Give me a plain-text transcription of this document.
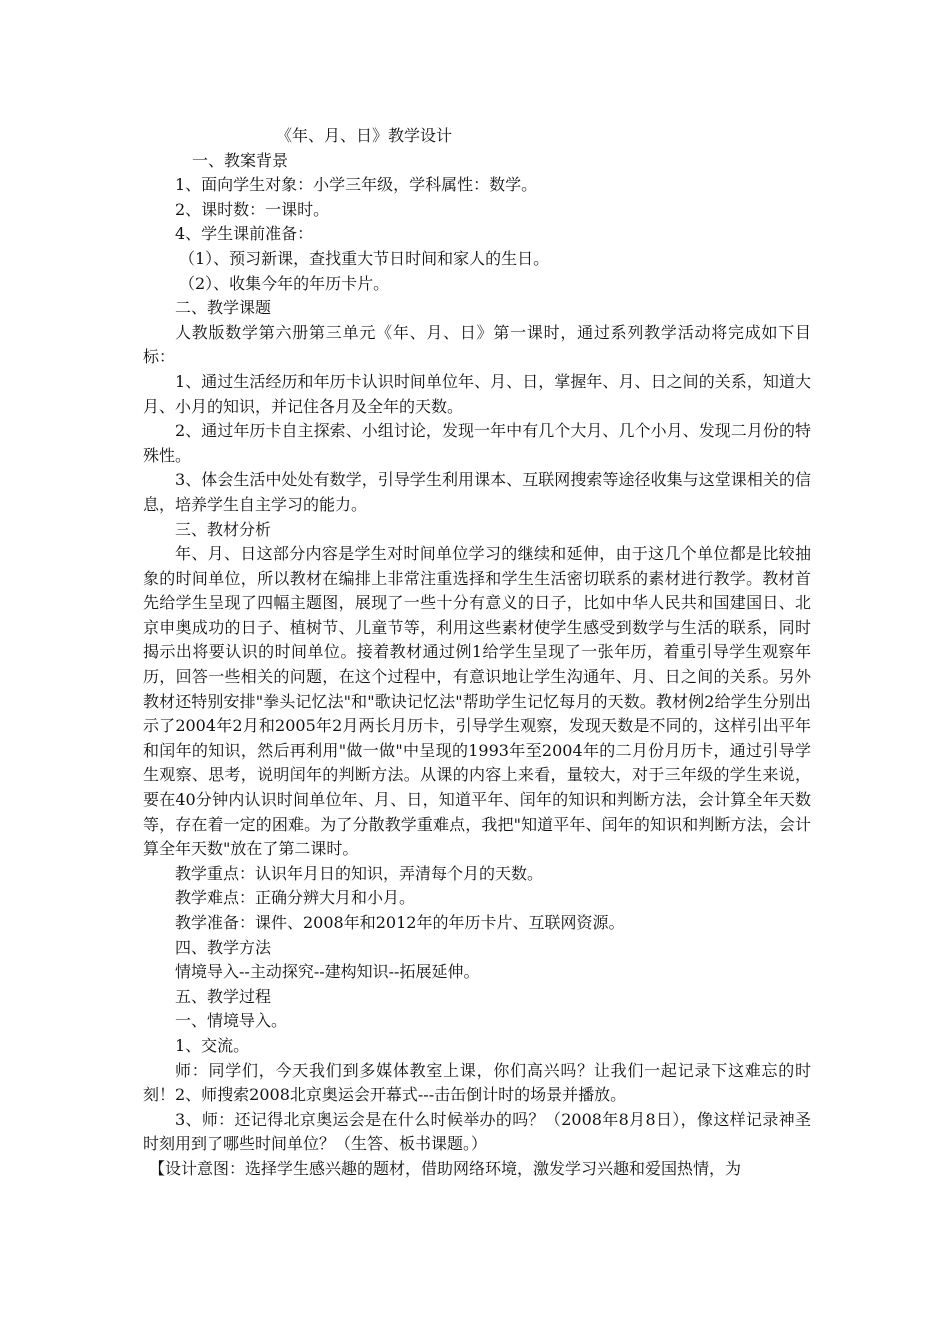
《年、月、日》教学设计
一、教案背景
1、面向学生对象：小学三年级，学科属性：数学。
2、课时数：一课时。
4、学生课前准备：
（1）、预习新课，查找重大节日时间和家人的生日。
（2）、收集今年的年历卡片。
二、教学课题

人教版数学第六册第三单元《年、月、日》第一课时，通过系列教学活动将完成如下目标：

1、通过生活经历和年历卡认识时间单位年、月、日，掌握年、月、日之间的关系，知道大月、小月的知识，并记住各月及全年的天数。

2、通过年历卡自主探索、小组讨论，发现一年中有几个大月、几个小月、发现二月份的特殊性。

3、体会生活中处处有数学，引导学生利用课本、互联网搜索等途径收集与这堂课相关的信息，培养学生自主学习的能力。

三、教材分析

年、月、日这部分内容是学生对时间单位学习的继续和延伸，由于这几个单位都是比较抽象的时间单位，所以教材在编排上非常注重选择和学生生活密切联系的素材进行教学。教材首先给学生呈现了四幅主题图，展现了一些十分有意义的日子，比如中华人民共和国建国日、北京申奥成功的日子、植树节、儿童节等，利用这些素材使学生感受到数学与生活的联系，同时揭示出将要认识的时间单位。接着教材通过例1给学生呈现了一张年历，着重引导学生观察年历，回答一些相关的问题，在这个过程中，有意识地让学生沟通年、月、日之间的关系。另外教材还特别安排"拳头记忆法"和"歌诀记忆法"帮助学生记忆每月的天数。教材例2给学生分别出示了2004年2月和2005年2月两长月历卡，引导学生观察，发现天数是不同的，这样引出平年和闰年的知识，然后再利用"做一做"中呈现的1993年至2004年的二月份月历卡，通过引导学生观察、思考，说明闰年的判断方法。从课的内容上来看，量较大，对于三年级的学生来说，要在40分钟内认识时间单位年、月、日，知道平年、闰年的知识和判断方法，会计算全年天数等，存在着一定的困难。为了分散教学重难点，我把"知道平年、闰年的知识和判断方法，会计算全年天数"放在了第二课时。

教学重点：认识年月日的知识，弄清每个月的天数。
教学难点：正确分辨大月和小月。
教学准备：课件、2008年和2012年的年历卡片、互联网资源。
四、教学方法
情境导入--主动探究--建构知识--拓展延伸。
五、教学过程
一、情境导入。
1、交流。

师：同学们，今天我们到多媒体教室上课，你们高兴吗？让我们一起记录下这难忘的时刻！2、师搜索2008北京奥运会开幕式---击缶倒计时的场景并播放。

3、师：还记得北京奥运会是在什么时候举办的吗？（2008年8月8日），像这样记录神圣时刻用到了哪些时间单位？（生答、板书课题。）

【设计意图：选择学生感兴趣的题材，借助网络环境，激发学习兴趣和爱国热情，为
